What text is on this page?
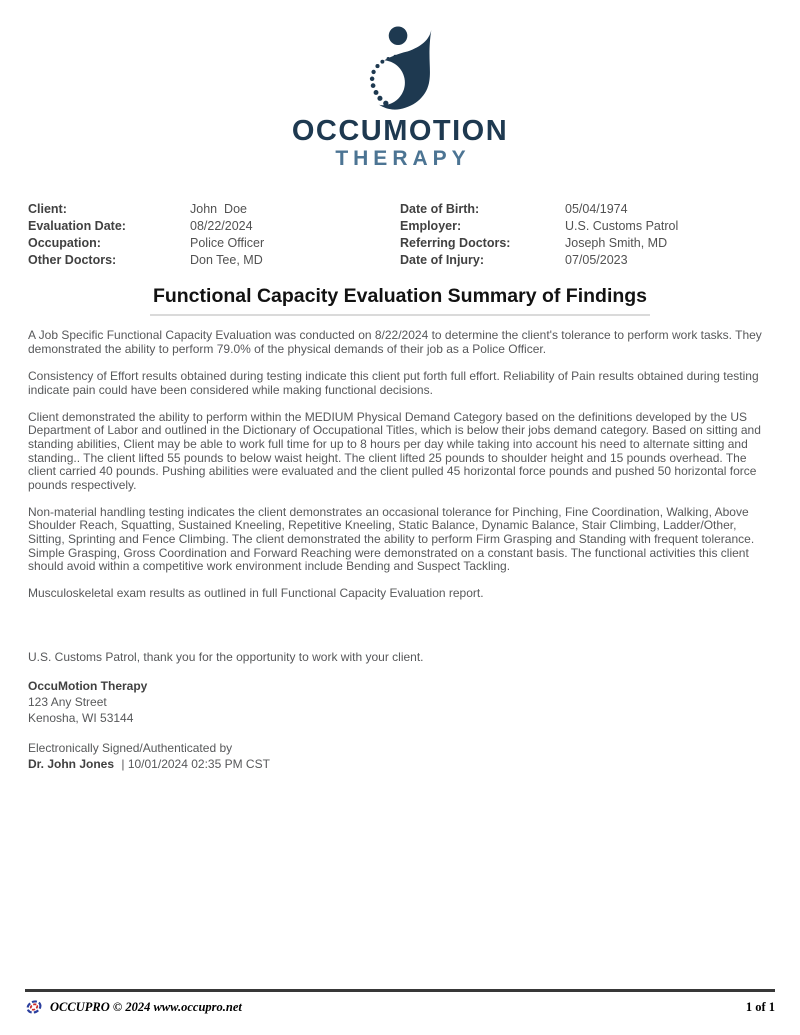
OCCUMOTION
THERAPY
Client:	John  Doe
Evaluation Date:	08/22/2024
Occupation:	Police Officer
Other Doctors:	Don Tee, MD
Date of Birth:	05/04/1974
Employer:	U.S. Customs Patrol
Referring Doctors:	Joseph Smith, MD
Date of Injury:	07/05/2023
Functional Capacity Evaluation Summary of Findings

A Job Specific Functional Capacity Evaluation was conducted on 8/22/2024 to determine the client's tolerance to perform work tasks. They demonstrated the ability to perform 79.0% of the physical demands of their job as a Police Officer.

Consistency of Effort results obtained during testing indicate this client put forth full effort. Reliability of Pain results obtained during testing indicate pain could have been considered while making functional decisions.

Client demonstrated the ability to perform within the MEDIUM Physical Demand Category based on the definitions developed by the US Department of Labor and outlined in the Dictionary of Occupational Titles, which is below their jobs demand category. Based on sitting and standing abilities, Client may be able to work full time for up to 8 hours per day while taking into account his need to alternate sitting and standing.. The client lifted 55 pounds to below waist height. The client lifted 25 pounds to shoulder height and 15 pounds overhead. The client carried 40 pounds. Pushing abilities were evaluated and the client pulled 45 horizontal force pounds and pushed 50 horizontal force pounds respectively.

Non-material handling testing indicates the client demonstrates an occasional tolerance for Pinching, Fine Coordination, Walking, Above Shoulder Reach, Squatting, Sustained Kneeling, Repetitive Kneeling, Static Balance, Dynamic Balance, Stair Climbing, Ladder/Other, Sitting, Sprinting and Fence Climbing. The client demonstrated the ability to perform Firm Grasping and Standing with frequent tolerance. Simple Grasping, Gross Coordination and Forward Reaching were demonstrated on a constant basis. The functional activities this client should avoid within a competitive work environment include Bending and Suspect Tackling.

Musculoskeletal exam results as outlined in full Functional Capacity Evaluation report.

U.S. Customs Patrol, thank you for the opportunity to work with your client.

OccuMotion Therapy
123 Any Street
Kenosha, WI 53144
Electronically Signed/Authenticated by
Dr. John Jones | 10/01/2024 02:35 PM CST
OCCUPRO © 2024 www.occupro.net	1 of 1
